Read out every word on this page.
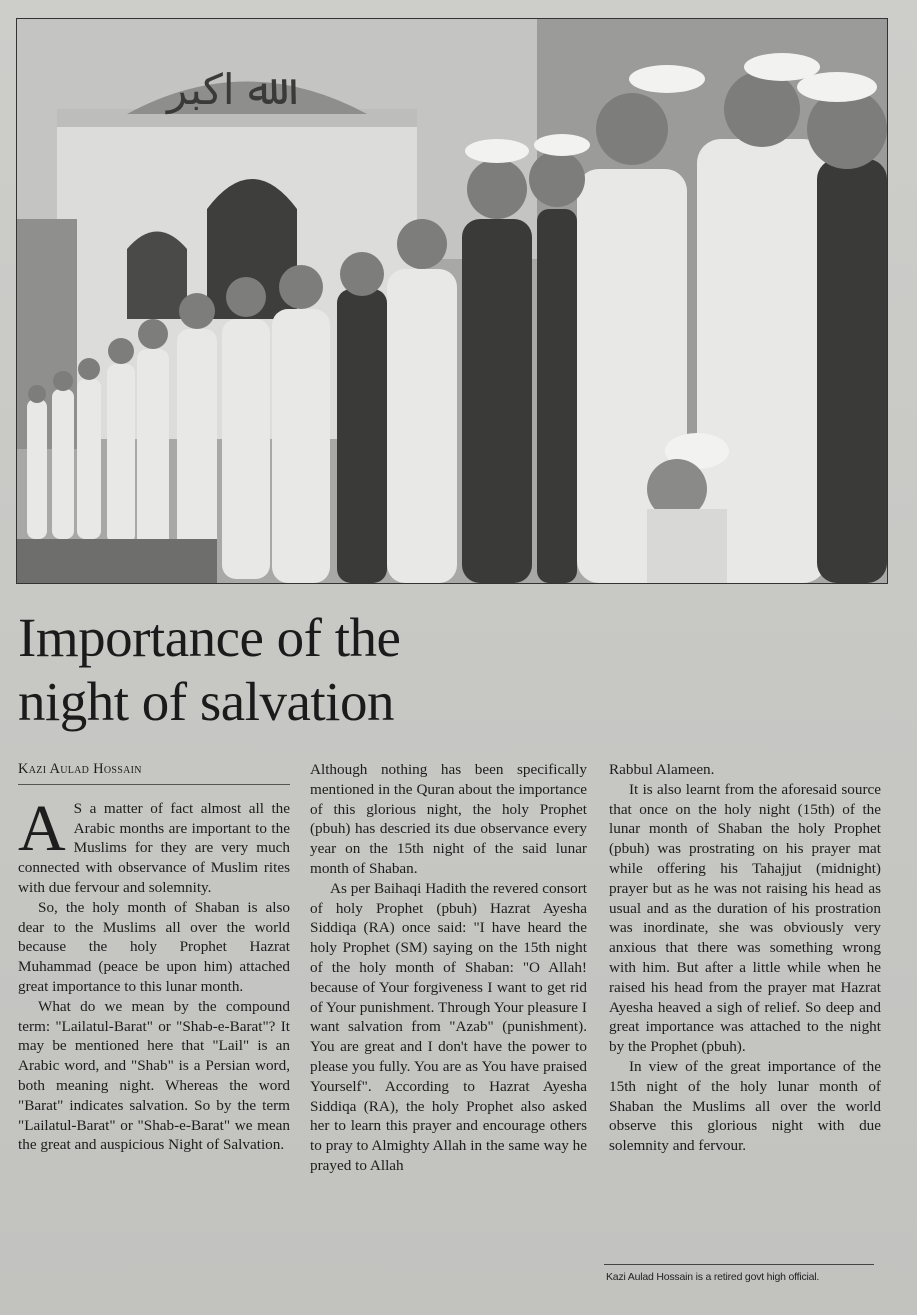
ﷲ اكبر
Importance of the
night of salvation
Kazi Aulad Hossain

A S a matter of fact almost all the Arabic months are important to the Muslims for they are very much connected with observance of Muslim rites with due fervour and solemnity.

So, the holy month of Shaban is also dear to the Muslims all over the world because the holy Prophet Hazrat Muhammad (peace be upon him) attached great importance to this lunar month.

What do we mean by the compound term: "Lailatul-Barat" or "Shab-e-Barat"? It may be mentioned here that "Lail" is an Arabic word, and "Shab" is a Persian word, both meaning night. Whereas the word "Barat" indicates salvation. So by the term "Lailatul-Barat" or "Shab-e-Barat" we mean the great and auspicious Night of Salvation.

Although nothing has been specifically mentioned in the Quran about the importance of this glorious night, the holy Prophet (pbuh) has descried its due observance every year on the 15th night of the said lunar month of Shaban.

As per Baihaqi Hadith the revered consort of holy Prophet (pbuh) Hazrat Ayesha Siddiqa (RA) once said: "I have heard the holy Prophet (SM) saying on the 15th night of the holy month of Shaban: "O Allah! because of Your forgiveness I want to get rid of Your punishment. Through Your pleasure I want salvation from "Azab" (punishment). You are great and I don't have the power to please you fully. You are as You have praised Yourself". According to Hazrat Ayesha Siddiqa (RA), the holy Prophet also asked her to learn this prayer and encourage others to pray to Almighty Allah in the same way he prayed to Allah

Rabbul Alameen.

It is also learnt from the aforesaid source that once on the holy night (15th) of the lunar month of Shaban the holy Prophet (pbuh) was prostrating on his prayer mat while offering his Tahajjut (midnight) prayer but as he was not raising his head as usual and as the duration of his prostration was inordinate, she was obviously very anxious that there was something wrong with him. But after a little while when he raised his head from the prayer mat Hazrat Ayesha heaved a sigh of relief. So deep and great importance was attached to the night by the Prophet (pbuh).

In view of the great importance of the 15th night of the holy lunar month of Shaban the Muslims all over the world observe this glorious night with due solemnity and fervour.

Kazi Aulad Hossain is a retired govt high official.
